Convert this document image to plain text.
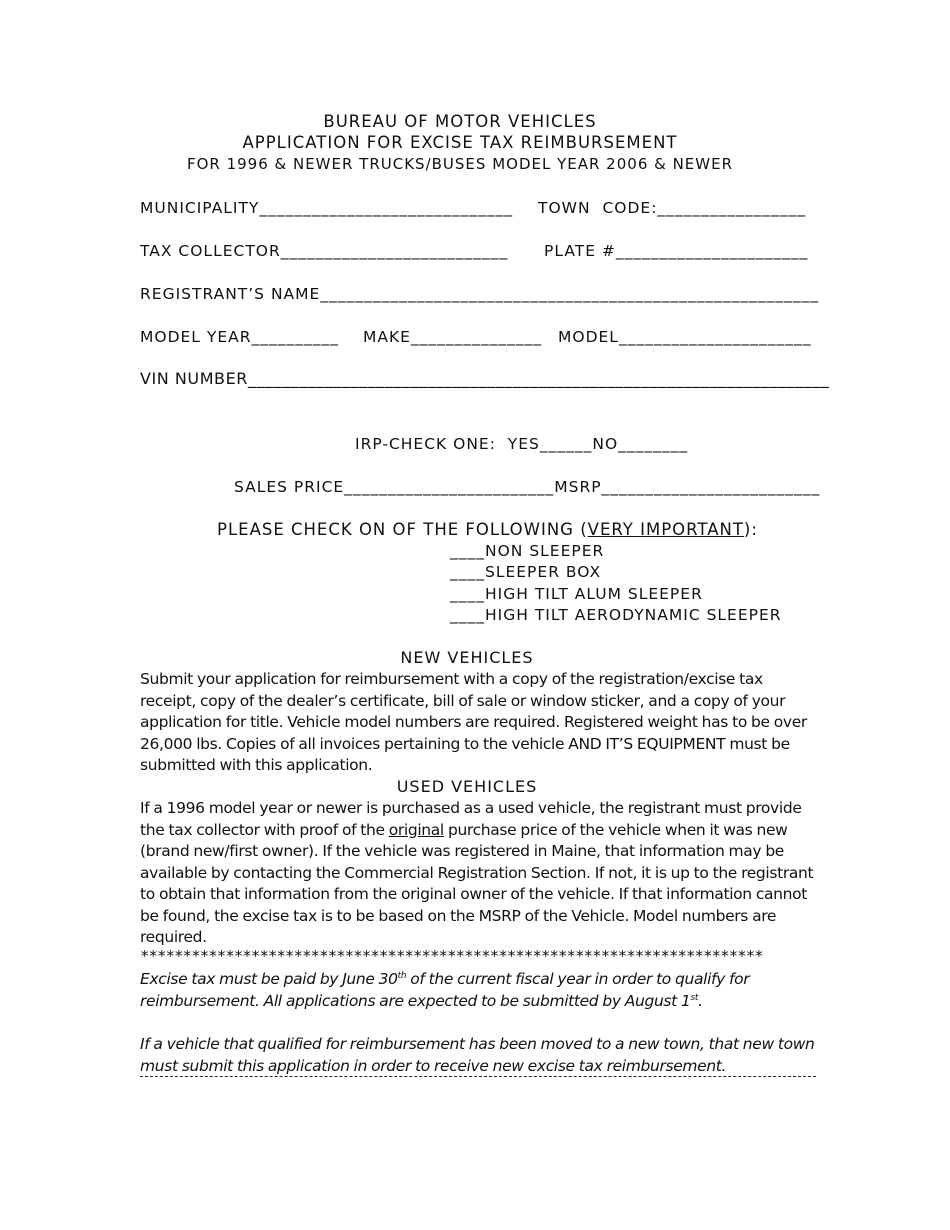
BUREAU OF MOTOR VEHICLES
APPLICATION FOR EXCISE TAX REIMBURSEMENT
FOR 1996 & NEWER TRUCKS/BUSES MODEL YEAR 2006 & NEWER
MUNICIPALITY_____________________________ TOWN  CODE:_________________
TAX COLLECTOR__________________________ PLATE #______________________
REGISTRANT’S NAME_________________________________________________________
MODEL YEAR__________ MAKE_______________ MODEL______________________
VIN NUMBER____________________________________________________________________
IRP-CHECK ONE:  YES______NO________
SALES PRICE________________________MSRP_________________________
PLEASE CHECK ON OF THE FOLLOWING (VERY IMPORTANT):
____NON SLEEPER
____SLEEPER BOX
____HIGH TILT ALUM SLEEPER
____HIGH TILT AERODYNAMIC SLEEPER
NEW VEHICLES

Submit your application for reimbursement with a copy of the registration/excise tax receipt, copy of the dealer’s certificate, bill of sale or window sticker, and a copy of your application for title. Vehicle model numbers are required. Registered weight has to be over 26,000 lbs. Copies of all invoices pertaining to the vehicle AND IT’S EQUIPMENT must be submitted with this application.

USED VEHICLES

If a 1996 model year or newer is purchased as a used vehicle, the registrant must provide the tax collector with proof of the original purchase price of the vehicle when it was new (brand new/first owner). If the vehicle was registered in Maine, that information may be available by contacting the Commercial Registration Section. If not, it is up to the registrant to obtain that information from the original owner of the vehicle. If that information cannot be found, the excise tax is to be based on the MSRP of the Vehicle. Model numbers are required.

*************************************************************************

Excise tax must be paid by June 30th of the current fiscal year in order to qualify for reimbursement. All applications are expected to be submitted by August 1st.

If a vehicle that qualified for reimbursement has been moved to a new town, that new town must submit this application in order to receive new excise tax reimbursement.
